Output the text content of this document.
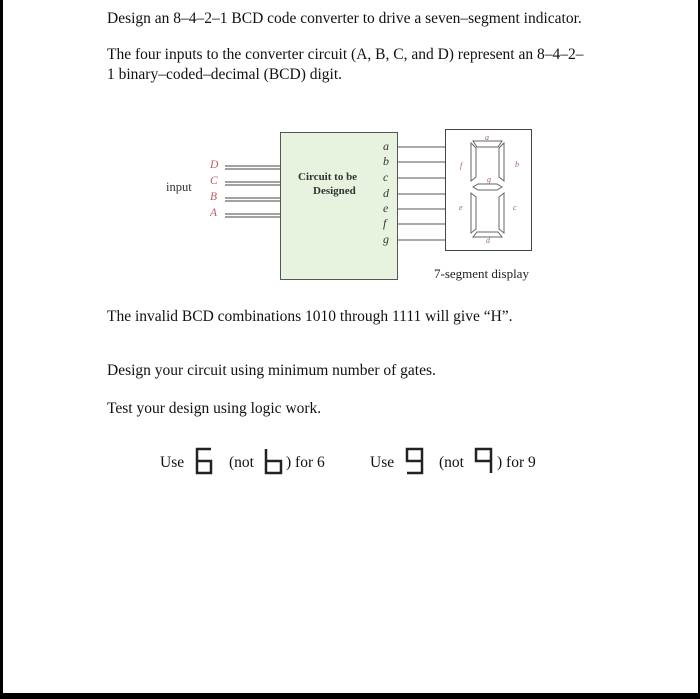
Design an 8–4–2–1 BCD code converter to drive a seven–segment indicator.
The four inputs to the converter circuit (A, B, C, and D) represent an 8–4–2–
1 binary–coded–decimal (BCD) digit.
input
D
C
B
A
Circuit to be
Designed
a
b
c
d
e
f
g
a
b
c
d
e
f
g
7-segment display
The invalid BCD combinations 1010 through 1111 will give “H”.
Design your circuit using minimum number of gates.
Test your design using logic work.
Use	(not ) for 6	Use	(not ) for 9
